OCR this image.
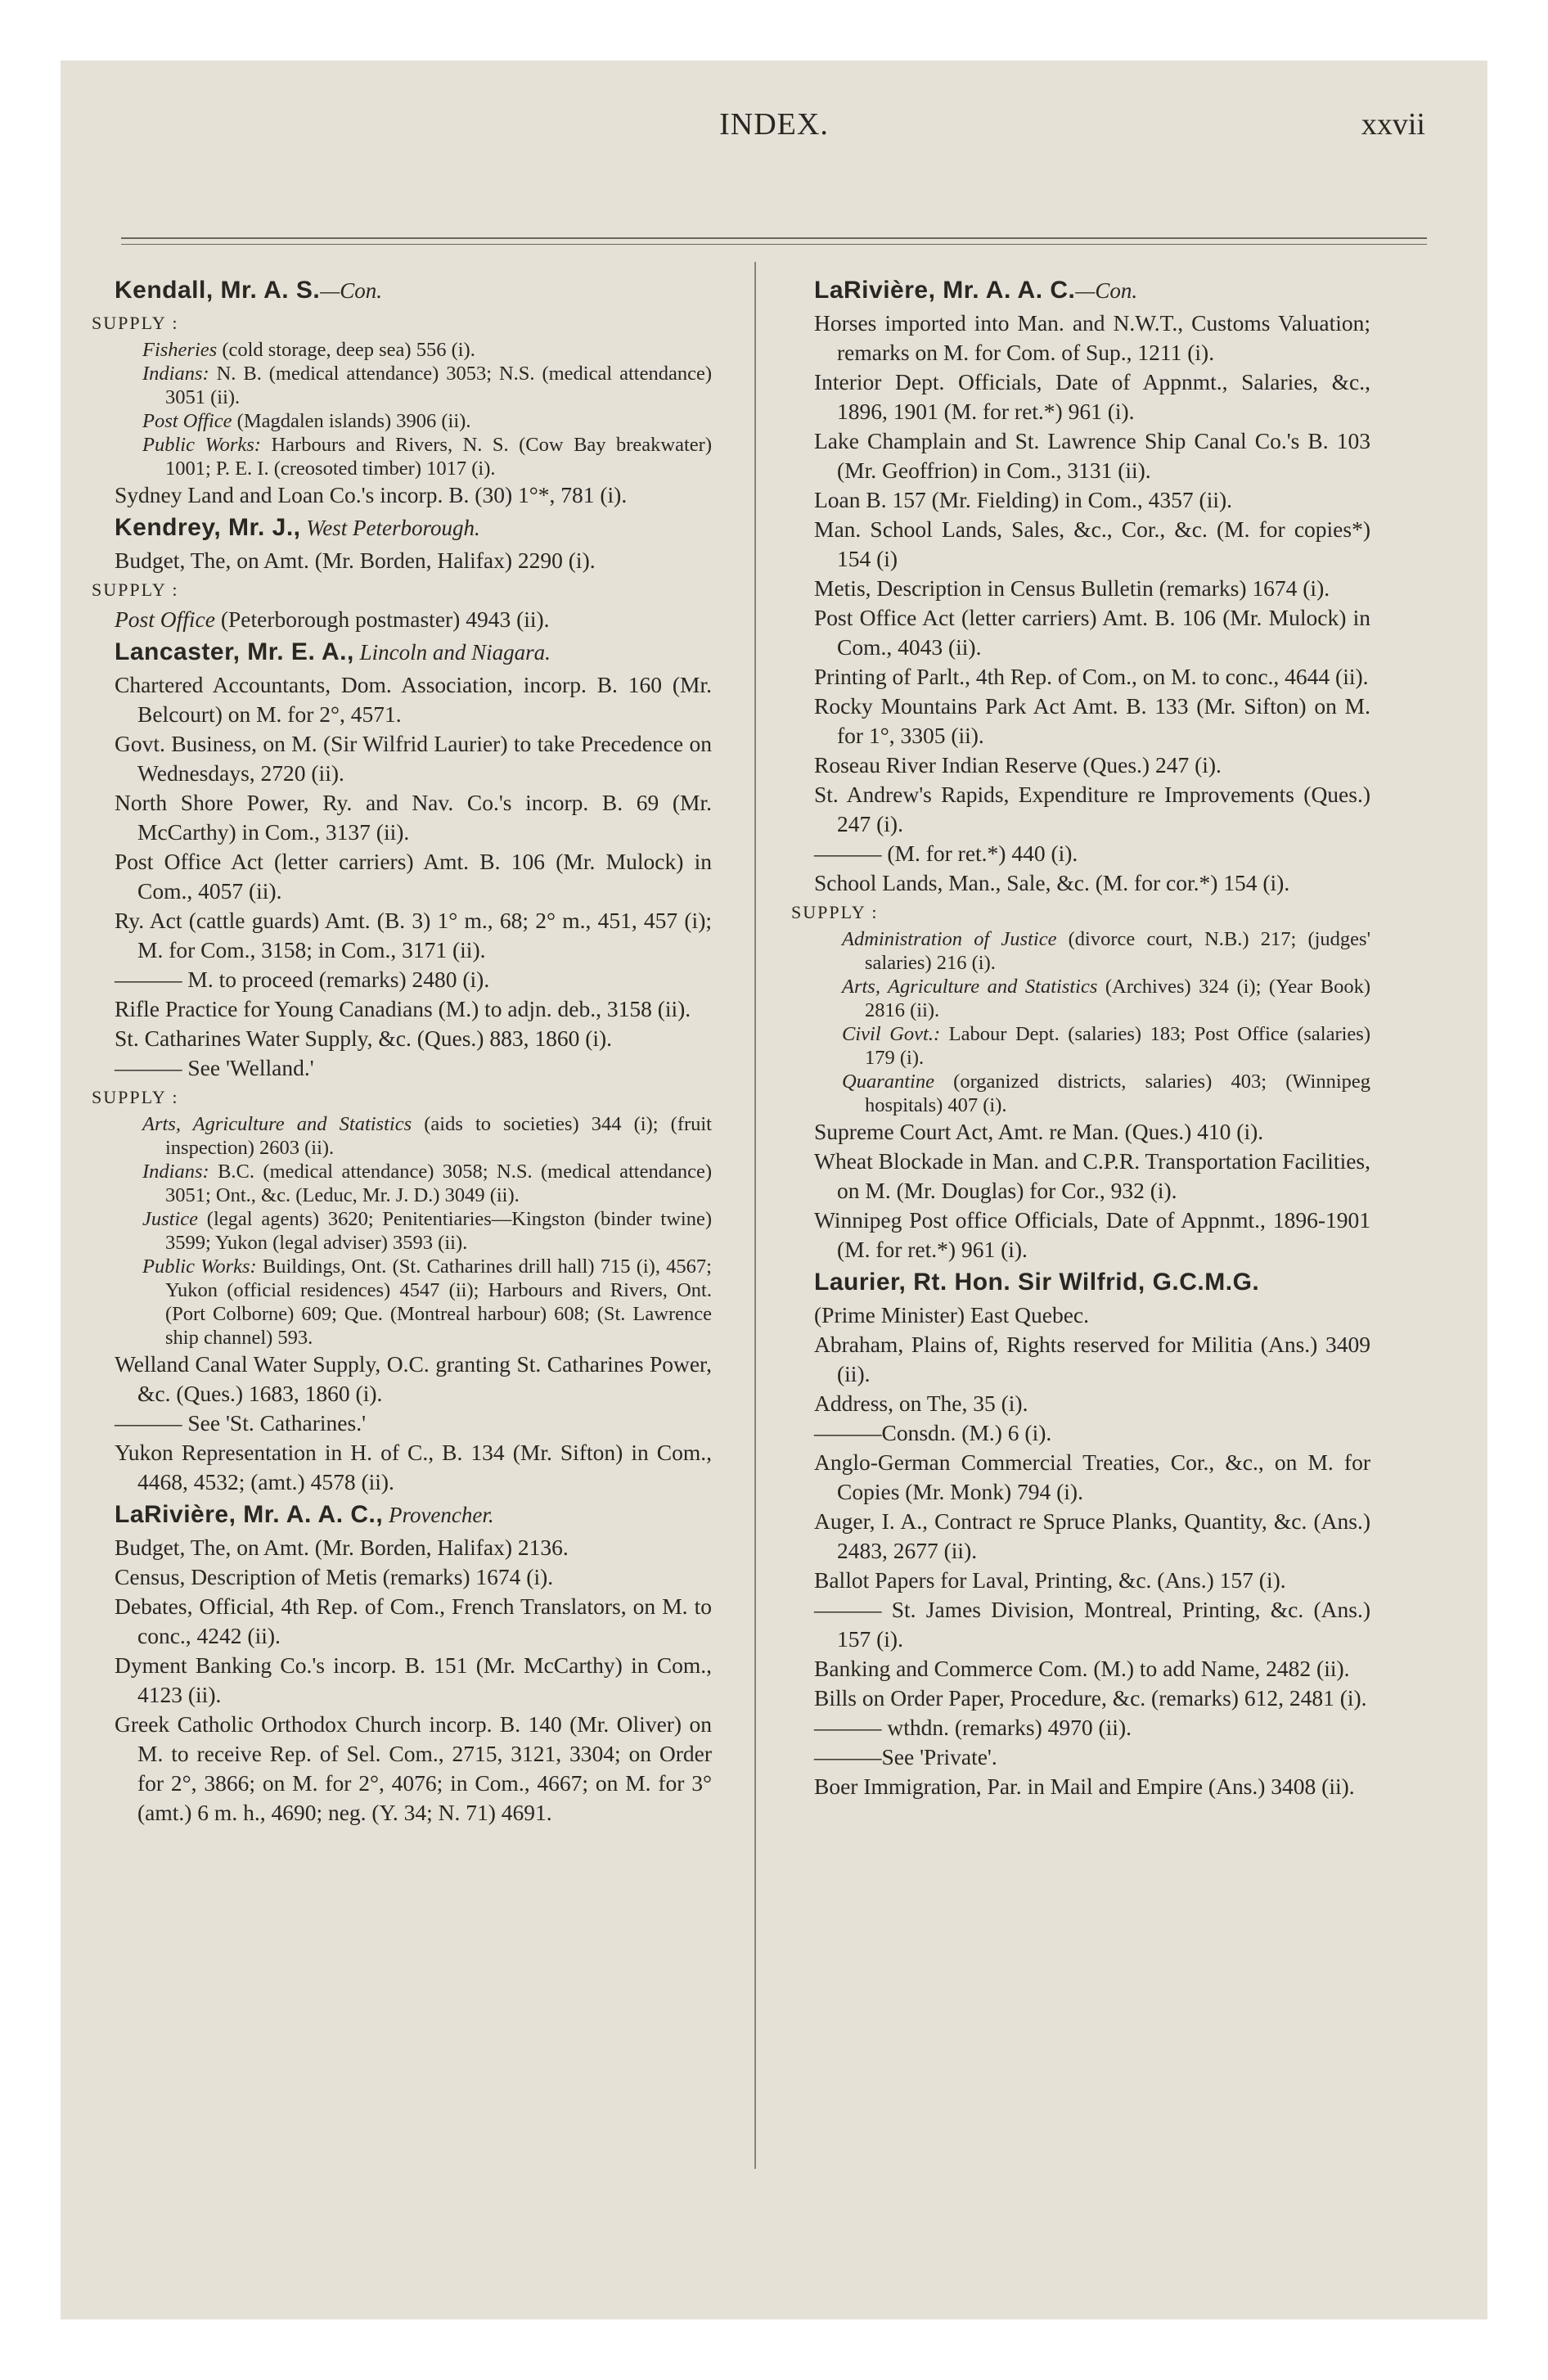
INDEX.	xxvii
Kendall, Mr. A. S.—Con.
SUPPLY :
Fisheries (cold storage, deep sea) 556 (i).
Indians: N. B. (medical attendance) 3053; N.S. (medical attendance) 3051 (ii).
Post Office (Magdalen islands) 3906 (ii).
Public Works: Harbours and Rivers, N. S. (Cow Bay breakwater) 1001; P. E. I. (creosoted timber) 1017 (i).
Sydney Land and Loan Co.'s incorp. B. (30) 1°*, 781 (i).
Kendrey, Mr. J., West Peterborough.
Budget, The, on Amt. (Mr. Borden, Halifax) 2290 (i).
SUPPLY :
Post Office (Peterborough postmaster) 4943 (ii).
Lancaster, Mr. E. A., Lincoln and Niagara.
Chartered Accountants, Dom. Association, incorp. B. 160 (Mr. Belcourt) on M. for 2°, 4571.
Govt. Business, on M. (Sir Wilfrid Laurier) to take Precedence on Wednesdays, 2720 (ii).
North Shore Power, Ry. and Nav. Co.'s incorp. B. 69 (Mr. McCarthy) in Com., 3137 (ii).
Post Office Act (letter carriers) Amt. B. 106 (Mr. Mulock) in Com., 4057 (ii).
Ry. Act (cattle guards) Amt. (B. 3) 1° m., 68; 2° m., 451, 457 (i); M. for Com., 3158; in Com., 3171 (ii).
——— M. to proceed (remarks) 2480 (i).
Rifle Practice for Young Canadians (M.) to adjn. deb., 3158 (ii).
St. Catharines Water Supply, &c. (Ques.) 883, 1860 (i).
——— See 'Welland.'
SUPPLY :
Arts, Agriculture and Statistics (aids to societies) 344 (i); (fruit inspection) 2603 (ii).
Indians: B.C. (medical attendance) 3058; N.S. (medical attendance) 3051; Ont., &c. (Leduc, Mr. J. D.) 3049 (ii).
Justice (legal agents) 3620; Penitentiaries—Kingston (binder twine) 3599; Yukon (legal adviser) 3593 (ii).
Public Works: Buildings, Ont. (St. Catharines drill hall) 715 (i), 4567; Yukon (official residences) 4547 (ii); Harbours and Rivers, Ont. (Port Colborne) 609; Que. (Montreal harbour) 608; (St. Lawrence ship channel) 593.
Welland Canal Water Supply, O.C. granting St. Catharines Power, &c. (Ques.) 1683, 1860 (i).
——— See 'St. Catharines.'
Yukon Representation in H. of C., B. 134 (Mr. Sifton) in Com., 4468, 4532; (amt.) 4578 (ii).
LaRivière, Mr. A. A. C., Provencher.
Budget, The, on Amt. (Mr. Borden, Halifax) 2136.
Census, Description of Metis (remarks) 1674 (i).
Debates, Official, 4th Rep. of Com., French Translators, on M. to conc., 4242 (ii).
Dyment Banking Co.'s incorp. B. 151 (Mr. McCarthy) in Com., 4123 (ii).
Greek Catholic Orthodox Church incorp. B. 140 (Mr. Oliver) on M. to receive Rep. of Sel. Com., 2715, 3121, 3304; on Order for 2°, 3866; on M. for 2°, 4076; in Com., 4667; on M. for 3° (amt.) 6 m. h., 4690; neg. (Y. 34; N. 71) 4691.
LaRivière, Mr. A. A. C.—Con.
Horses imported into Man. and N.W.T., Customs Valuation; remarks on M. for Com. of Sup., 1211 (i).
Interior Dept. Officials, Date of Appnmt., Salaries, &c., 1896, 1901 (M. for ret.*) 961 (i).
Lake Champlain and St. Lawrence Ship Canal Co.'s B. 103 (Mr. Geoffrion) in Com., 3131 (ii).
Loan B. 157 (Mr. Fielding) in Com., 4357 (ii).
Man. School Lands, Sales, &c., Cor., &c. (M. for copies*) 154 (i)
Metis, Description in Census Bulletin (remarks) 1674 (i).
Post Office Act (letter carriers) Amt. B. 106 (Mr. Mulock) in Com., 4043 (ii).
Printing of Parlt., 4th Rep. of Com., on M. to conc., 4644 (ii).
Rocky Mountains Park Act Amt. B. 133 (Mr. Sifton) on M. for 1°, 3305 (ii).
Roseau River Indian Reserve (Ques.) 247 (i).
St. Andrew's Rapids, Expenditure re Improvements (Ques.) 247 (i).
——— (M. for ret.*) 440 (i).
School Lands, Man., Sale, &c. (M. for cor.*) 154 (i).
SUPPLY :
Administration of Justice (divorce court, N.B.) 217; (judges' salaries) 216 (i).
Arts, Agriculture and Statistics (Archives) 324 (i); (Year Book) 2816 (ii).
Civil Govt.: Labour Dept. (salaries) 183; Post Office (salaries) 179 (i).
Quarantine (organized districts, salaries) 403; (Winnipeg hospitals) 407 (i).
Supreme Court Act, Amt. re Man. (Ques.) 410 (i).
Wheat Blockade in Man. and C.P.R. Transportation Facilities, on M. (Mr. Douglas) for Cor., 932 (i).
Winnipeg Post office Officials, Date of Appnmt., 1896-1901 (M. for ret.*) 961 (i).
Laurier, Rt. Hon. Sir Wilfrid, G.C.M.G.
(Prime Minister) East Quebec.
Abraham, Plains of, Rights reserved for Militia (Ans.) 3409 (ii).
Address, on The, 35 (i).
———Consdn. (M.) 6 (i).
Anglo-German Commercial Treaties, Cor., &c., on M. for Copies (Mr. Monk) 794 (i).
Auger, I. A., Contract re Spruce Planks, Quantity, &c. (Ans.) 2483, 2677 (ii).
Ballot Papers for Laval, Printing, &c. (Ans.) 157 (i).
——— St. James Division, Montreal, Printing, &c. (Ans.) 157 (i).
Banking and Commerce Com. (M.) to add Name, 2482 (ii).
Bills on Order Paper, Procedure, &c. (remarks) 612, 2481 (i).
——— wthdn. (remarks) 4970 (ii).
———See 'Private'.
Boer Immigration, Par. in Mail and Empire (Ans.) 3408 (ii).
